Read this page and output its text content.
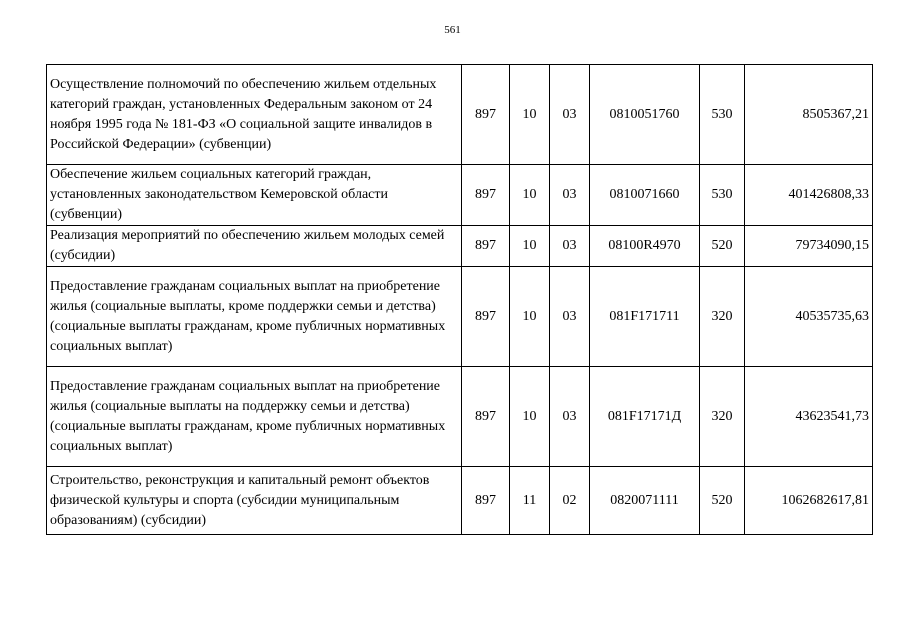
561
Осуществление полномочий по обеспечению жильем отдельных категорий граждан, установленных Федеральным законом от 24 ноября 1995 года № 181-ФЗ «О социальной защите инвалидов в Российской Федерации» (субвенции)	897	10	03	0810051760	530	8505367,21
Обеспечение жильем социальных категорий граждан, установленных законодательством Кемеровской области (субвенции)	897	10	03	0810071660	530	401426808,33
Реализация мероприятий по обеспечению жильем молодых семей (субсидии)	897	10	03	08100R4970	520	79734090,15
Предоставление гражданам социальных выплат на приобретение жилья (социальные выплаты, кроме поддержки семьи и детства) (социальные выплаты гражданам, кроме публичных нормативных социальных выплат)	897	10	03	081F171711	320	40535735,63
Предоставление гражданам социальных выплат на приобретение жилья (социальные выплаты на поддержку семьи и детства) (социальные выплаты гражданам, кроме публичных нормативных социальных выплат)	897	10	03	081F17171Д	320	43623541,73
Строительство, реконструкция и капитальный ремонт объектов физической культуры и спорта (субсидии муниципальным образованиям) (субсидии)	897	11	02	0820071111	520	1062682617,81
